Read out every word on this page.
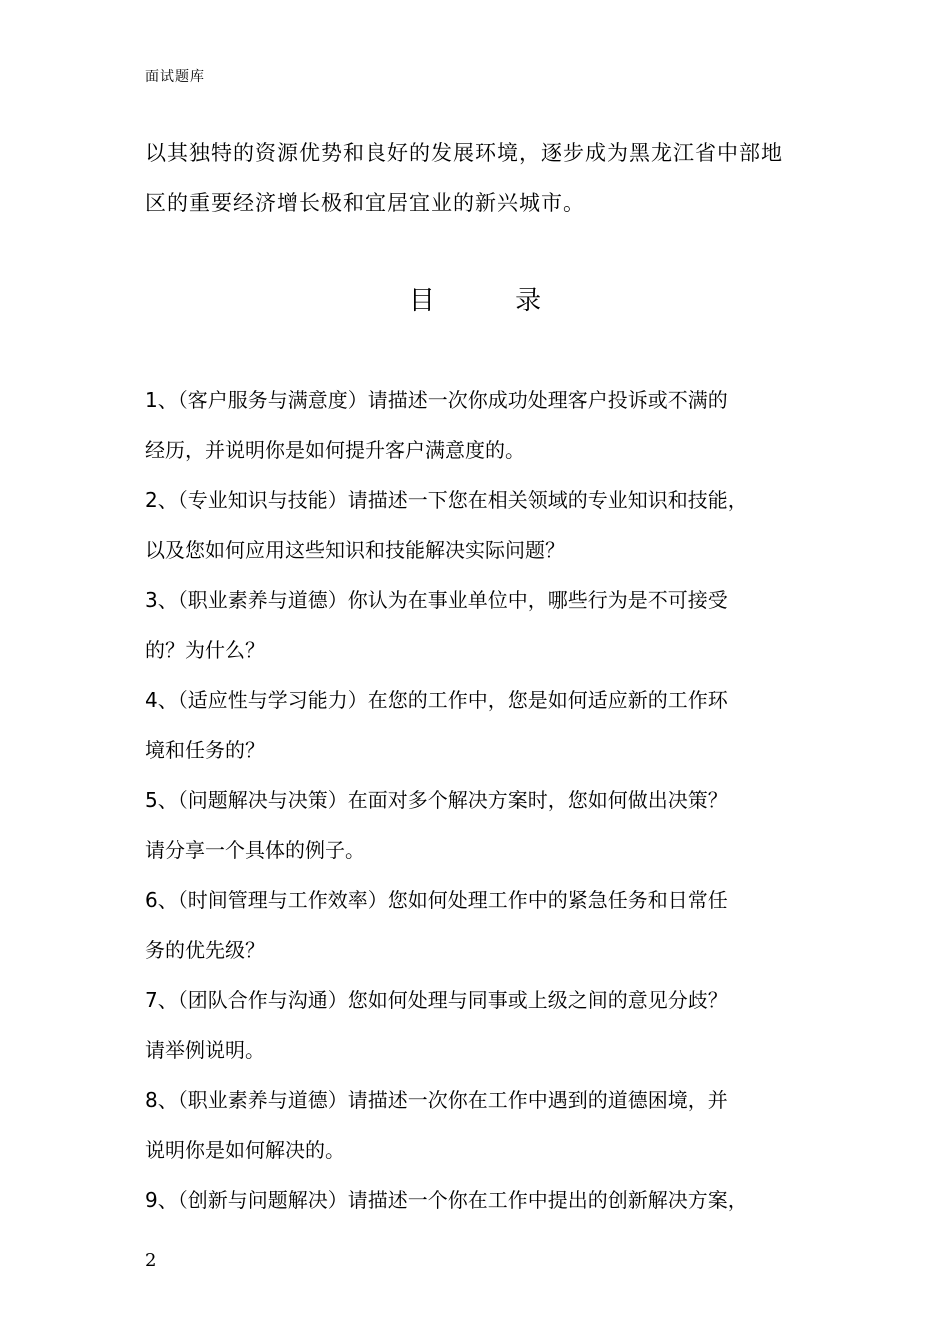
面试题库

以其独特的资源优势和良好的发展环境，逐步成为黑龙江省中部地

区的重要经济增长极和宜居宜业的新兴城市。

目 录
1、（客户服务与满意度）请描述一次你成功处理客户投诉或不满的
经历，并说明你是如何提升客户满意度的。
2、（专业知识与技能）请描述一下您在相关领域的专业知识和技能，
以及您如何应用这些知识和技能解决实际问题？
3、（职业素养与道德）你认为在事业单位中，哪些行为是不可接受
的？为什么？
4、（适应性与学习能力）在您的工作中，您是如何适应新的工作环
境和任务的？
5、（问题解决与决策）在面对多个解决方案时，您如何做出决策？
请分享一个具体的例子。
6、（时间管理与工作效率）您如何处理工作中的紧急任务和日常任
务的优先级？
7、（团队合作与沟通）您如何处理与同事或上级之间的意见分歧？
请举例说明。
8、（职业素养与道德）请描述一次你在工作中遇到的道德困境，并
说明你是如何解决的。
9、（创新与问题解决）请描述一个你在工作中提出的创新解决方案，
2
